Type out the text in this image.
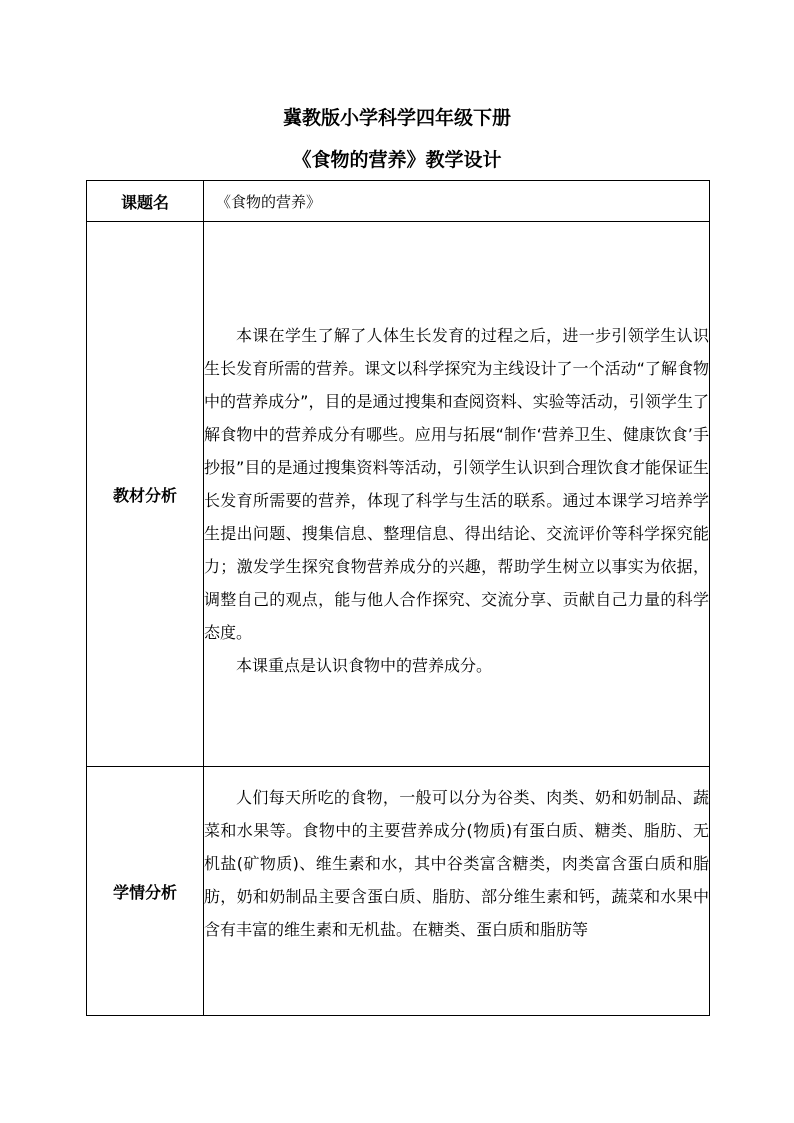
冀教版小学科学四年级下册
《食物的营养》教学设计
课题名	《食物的营养》
教材分析	本课在学生了解了人体生长发育的过程之后，进一步引领学生认识生长发育所需的营养。课文以科学探究为主线设计了一个活动“了解食物中的营养成分”，目的是通过搜集和查阅资料、实验等活动，引领学生了解食物中的营养成分有哪些。应用与拓展“制作‘营养卫生、健康饮食’手抄报”目的是通过搜集资料等活动，引领学生认识到合理饮食才能保证生长发育所需要的营养，体现了科学与生活的联系。通过本课学习培养学生提出问题、搜集信息、整理信息、得出结论、交流评价等科学探究能力；激发学生探究食物营养成分的兴趣，帮助学生树立以事实为依据，调整自己的观点，能与他人合作探究、交流分享、贡献自己力量的科学态度。

本课重点是认识食物中的营养成分。

学情分析	人们每天所吃的食物，一般可以分为谷类、肉类、奶和奶制品、蔬菜和水果等。食物中的主要营养成分(物质)有蛋白质、糖类、脂肪、无机盐(矿物质)、维生素和水，其中谷类富含糖类，肉类富含蛋白质和脂肪，奶和奶制品主要含蛋白质、脂肪、部分维生素和钙，蔬菜和水果中含有丰富的维生素和无机盐。在糖类、蛋白质和脂肪等
